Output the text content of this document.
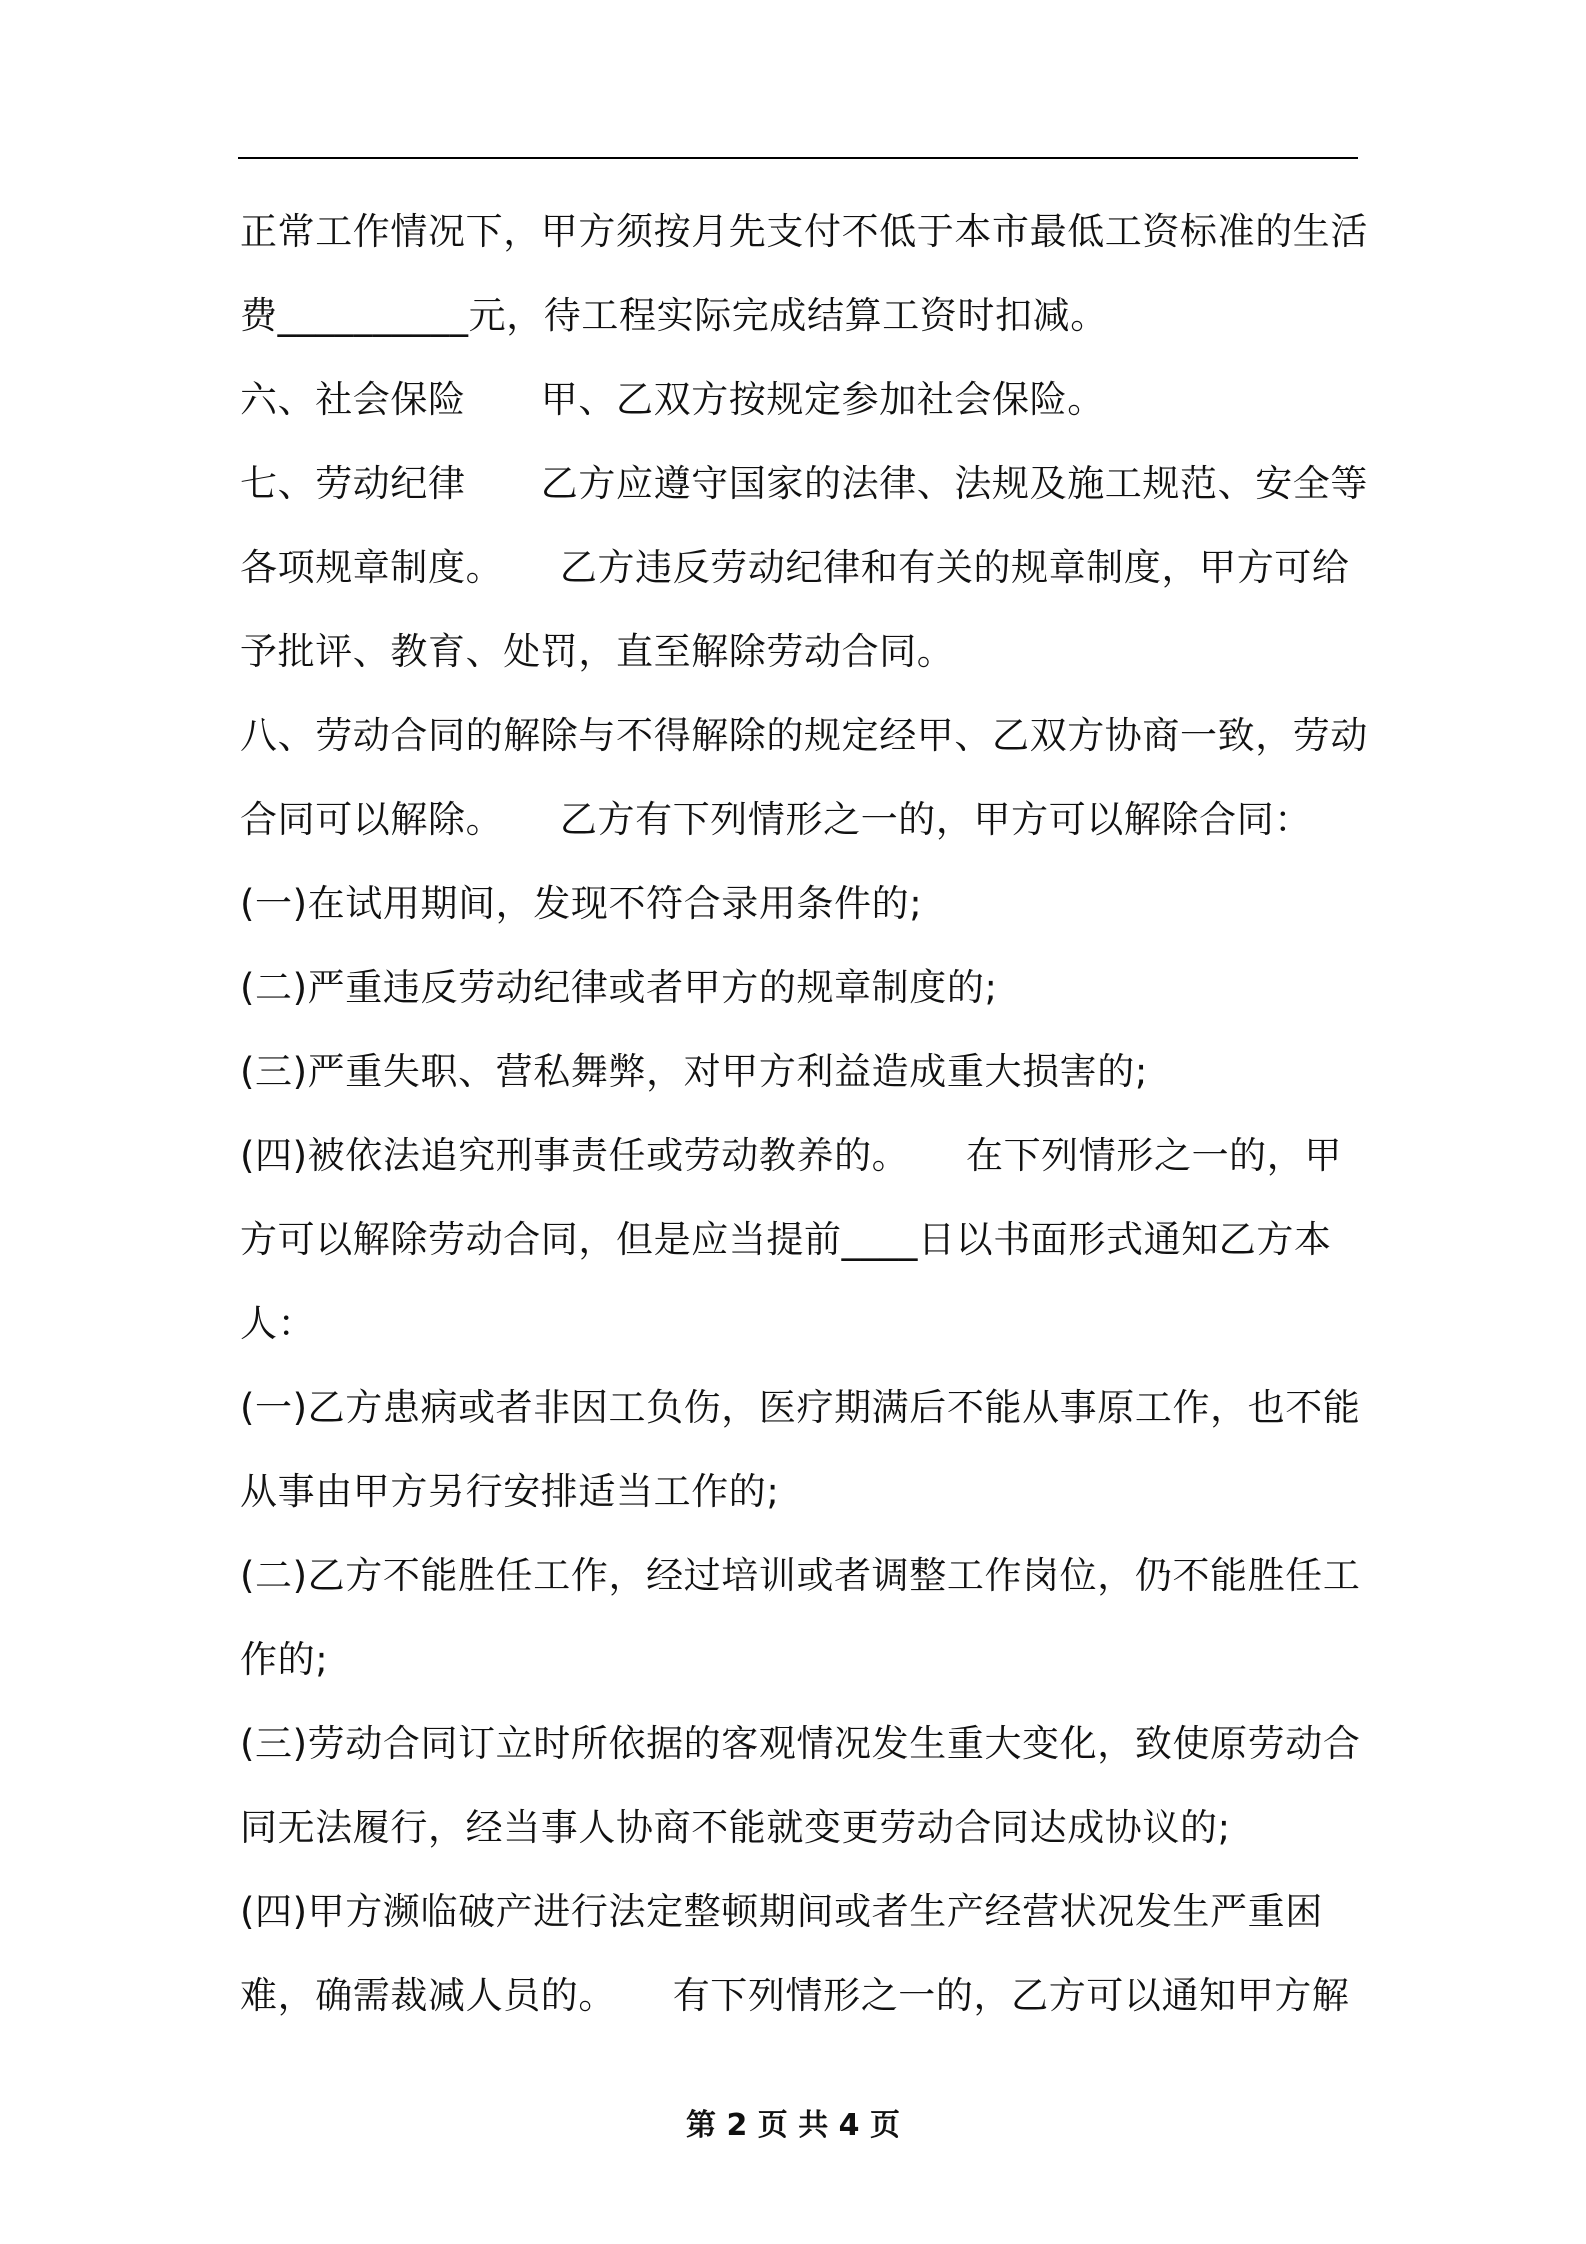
正常工作情况下，甲方须按月先支付不低于本市最低工资标准的生活
费__________元，待工程实际完成结算工资时扣减。
六、社会保险　　甲、乙双方按规定参加社会保险。
七、劳动纪律　　乙方应遵守国家的法律、法规及施工规范、安全等
各项规章制度。　　乙方违反劳动纪律和有关的规章制度，甲方可给
予批评、教育、处罚，直至解除劳动合同。
八、劳动合同的解除与不得解除的规定经甲、乙双方协商一致，劳动
合同可以解除。　　乙方有下列情形之一的，甲方可以解除合同：
(一)在试用期间，发现不符合录用条件的;
(二)严重违反劳动纪律或者甲方的规章制度的;
(三)严重失职、营私舞弊，对甲方利益造成重大损害的;
(四)被依法追究刑事责任或劳动教养的。　　在下列情形之一的，甲
方可以解除劳动合同，但是应当提前____日以书面形式通知乙方本
人：
(一)乙方患病或者非因工负伤，医疗期满后不能从事原工作，也不能
从事由甲方另行安排适当工作的;
(二)乙方不能胜任工作，经过培训或者调整工作岗位，仍不能胜任工
作的;
(三)劳动合同订立时所依据的客观情况发生重大变化，致使原劳动合
同无法履行，经当事人协商不能就变更劳动合同达成协议的;
(四)甲方濒临破产进行法定整顿期间或者生产经营状况发生严重困
难，确需裁减人员的。　　有下列情形之一的，乙方可以通知甲方解
第 2 页 共 4 页
